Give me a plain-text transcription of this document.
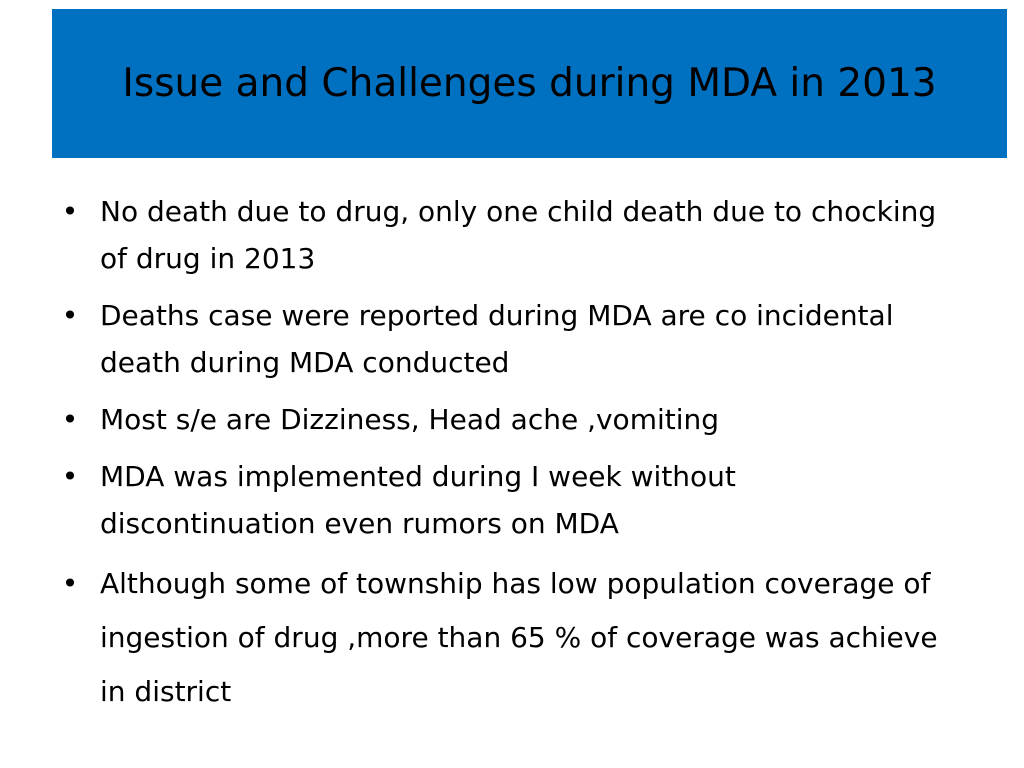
Issue and Challenges during MDA in 2013
• No death due to drug, only one child death due to chocking of drug in 2013
• Deaths case were reported during MDA are co incidental death during MDA conducted
• Most s/e are Dizziness, Head ache ,vomiting
• MDA was implemented during I week without discontinuation even rumors on MDA
• Although some of township has low population coverage of ingestion of drug ,more than 65 % of coverage was achieve in district
